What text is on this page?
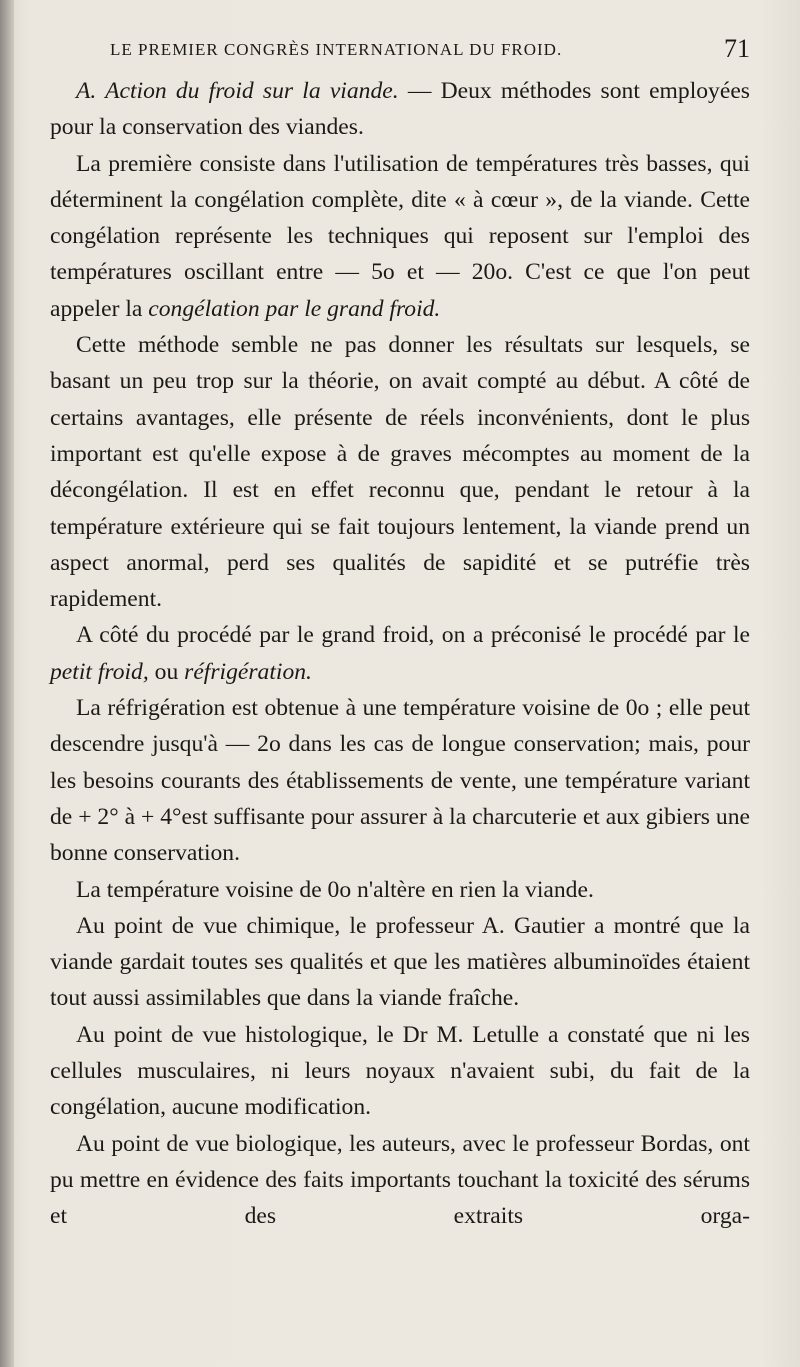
LE PREMIER CONGRÈS INTERNATIONAL DU FROID.	71

A. Action du froid sur la viande. — Deux méthodes sont employées pour la conservation des viandes.

La première consiste dans l'utilisation de températures très basses, qui déterminent la congélation complète, dite « à cœur », de la viande. Cette congélation représente les techniques qui reposent sur l'emploi des températures oscillant entre — 5o et — 20o. C'est ce que l'on peut appeler la congélation par le grand froid.

Cette méthode semble ne pas donner les résultats sur lesquels, se basant un peu trop sur la théorie, on avait compté au début. A côté de certains avantages, elle présente de réels inconvénients, dont le plus important est qu'elle expose à de graves mécomptes au moment de la décongélation. Il est en effet reconnu que, pendant le retour à la température extérieure qui se fait toujours lentement, la viande prend un aspect anormal, perd ses qualités de sapidité et se putréfie très rapidement.

A côté du procédé par le grand froid, on a préconisé le procédé par le petit froid, ou réfrigération.

La réfrigération est obtenue à une température voisine de 0o ; elle peut descendre jusqu'à — 2o dans les cas de longue conservation; mais, pour les besoins courants des établissements de vente, une température variant de + 2° à + 4°est suffisante pour assurer à la charcuterie et aux gibiers une bonne conservation.

La température voisine de 0o n'altère en rien la viande.

Au point de vue chimique, le professeur A. Gautier a montré que la viande gardait toutes ses qualités et que les matières albuminoïdes étaient tout aussi assimilables que dans la viande fraîche.

Au point de vue histologique, le Dr M. Letulle a constaté que ni les cellules musculaires, ni leurs noyaux n'avaient subi, du fait de la congélation, aucune modification.

Au point de vue biologique, les auteurs, avec le professeur Bordas, ont pu mettre en évidence des faits importants touchant la toxicité des sérums et des extraits orga-
